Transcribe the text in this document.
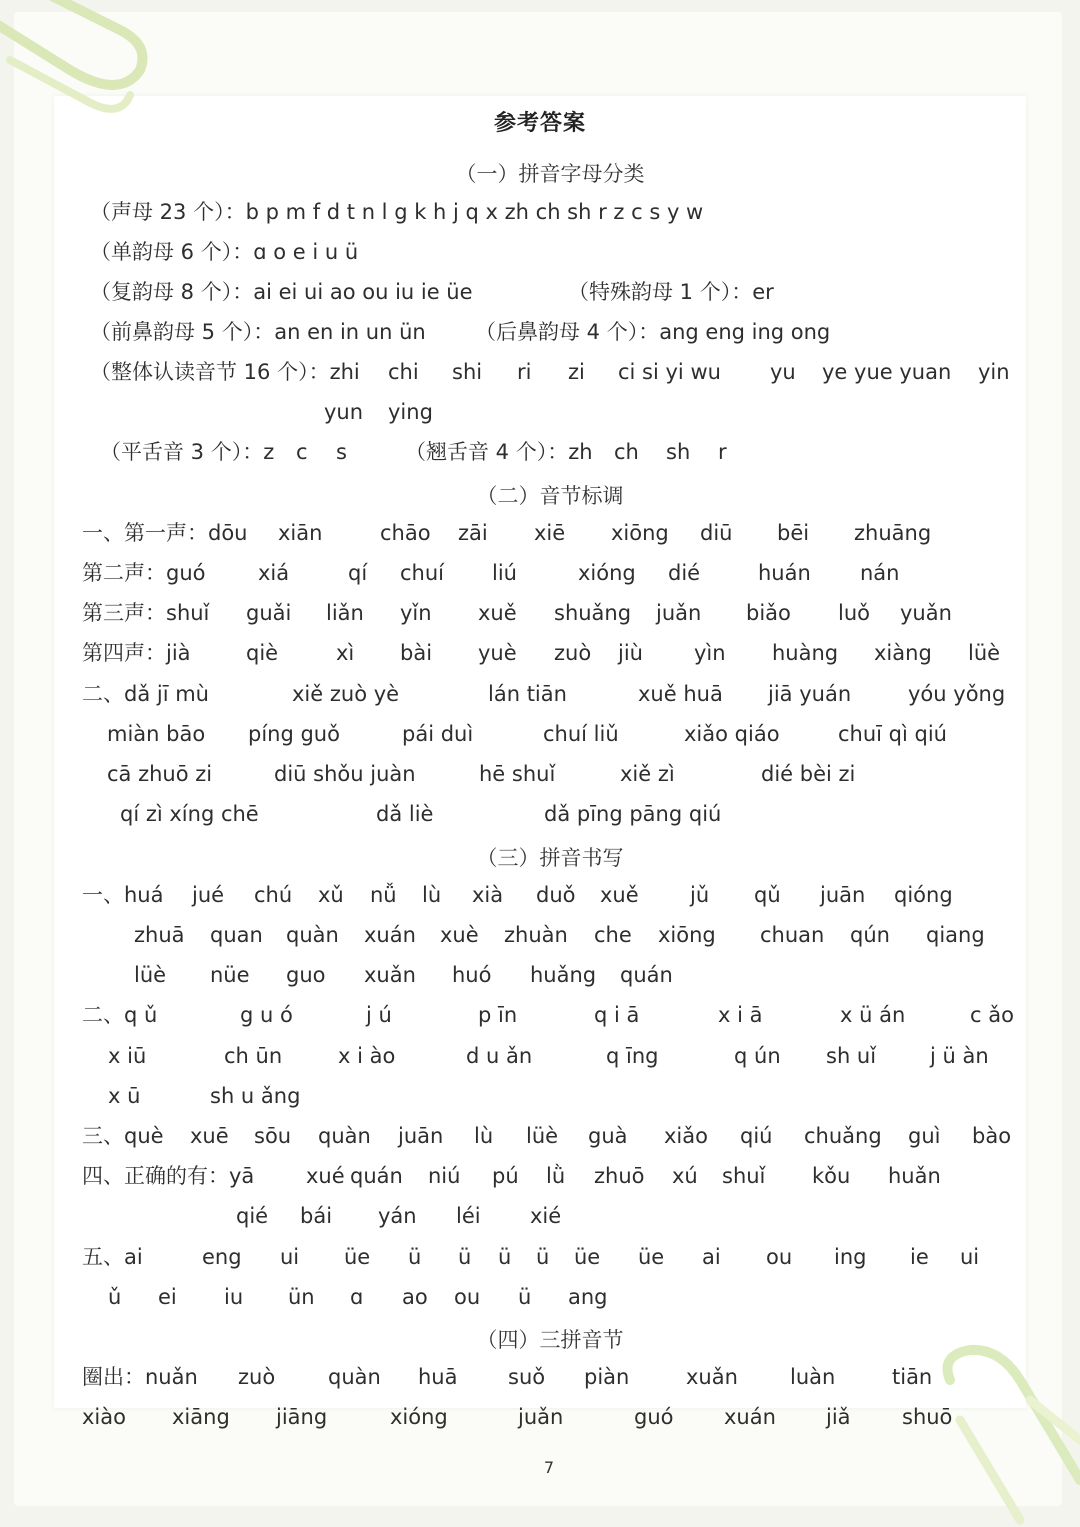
参考答案
（一）拼音字母分类
（二）音节标调
（三）拼音书写
（四）三拼音节
（声母 23 个）：b p m f d t n l g k h j q x zh ch sh r z c s y w
（单韵母 6 个）：ɑ o e i u ü
（复韵母 8 个）：ai ei ui ao ou iu ie üe	（特殊韵母 1 个）：er
（前鼻韵母 5 个）：an en in un ün （后鼻韵母 4 个）：ang eng ing ong
（整体认读音节 16 个）：zhi chi shi ri zi ci si yi wu yu ye yue yuan yin
yun ying
（平舌音 3 个）：z c s	（翘舌音 4 个）：zh ch sh r
一、第一声：dōu xiān	chāo zāi xiē xiōng diū bēi zhuāng
第二声：guó	xiá	qí chuí liú	xióng dié	huán nán
第三声：shuǐ guǎi liǎn yǐn xuě shuǎng juǎn biǎo luǒ yuǎn
第四声：jià	qiè	xì bài yuè zuò jiù yìn huàng xiàng lüè
二、dǎ jī mù	xiě zuò yè	lán tiān	xuě huā jiā yuán	yóu yǒng
miàn bāo píng guǒ	pái duì	chuí liǔ	xiǎo qiáo	chuī qì qiú
cā zhuō zi	diū shǒu juàn	hē shuǐ	xiě zì	dié bèi zi
qí zì xíng chē	dǎ liè	dǎ pīng pāng qiú
一、huá jué chú xǔ nǚ lù xià duǒ xuě jǔ qǔ juān qióng
zhuā quan quàn xuán xuè zhuàn che xiōng chuan qún qiang
lüè nüe guo xuǎn huó huǎng quán
二、q ǔ	g u ó	j ú	p īn	q i ā	x i ā	x ü án	c ǎo
x iū	ch ūn	x i ào	d u ǎn	q īng	q ún sh uǐ	j ü àn
x ū	sh u ǎng
三、què xuē sōu quàn juān lù lüè guà xiǎo qiú chuǎng guì bào
四、正确的有：yā xué quán niú pú lǜ zhuō xú shuǐ kǒu huǎn
qié bái yán léi xié
五、ai	eng ui üe ü ü ü ü üe üe ai ou ing ie ui
ǔ ei iu ün ɑ ao ou ü ang
圈出：nuǎn zuò	quàn huā suǒ piàn	xuǎn luàn	tiān
xiào xiāng jiāng	xióng	juǎn	guó xuán jiǎ shuō
7
